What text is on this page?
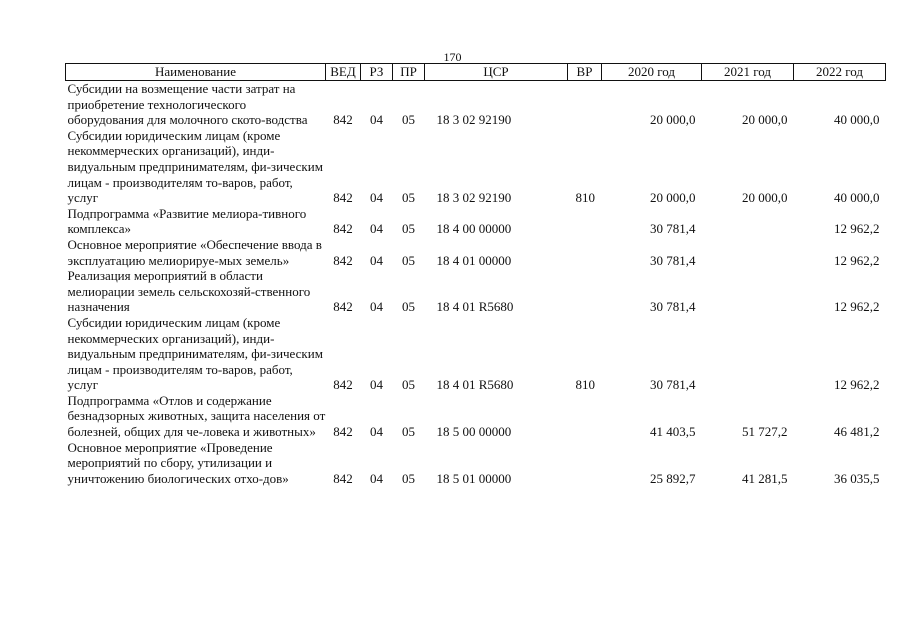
170
Наименование	ВЕД	РЗ	ПР	ЦСР	ВР	2020 год	2021 год	2022 год
Субсидии на возмещение части затрат на приобретение технологического оборудования для молочного ското-водства	842	04	05	18 3 02 92190		20 000,0	20 000,0	40 000,0
Субсидии юридическим лицам (кроме некоммерческих организаций), инди-видуальным предпринимателям, фи-зическим лицам - производителям то-варов, работ, услуг	842	04	05	18 3 02 92190	810	20 000,0	20 000,0	40 000,0
Подпрограмма «Развитие мелиора-тивного комплекса»	842	04	05	18 4 00 00000		30 781,4		12 962,2
Основное мероприятие «Обеспечение ввода в эксплуатацию мелиорируе-мых земель»	842	04	05	18 4 01 00000		30 781,4		12 962,2
Реализация мероприятий в области мелиорации земель сельскохозяй-ственного назначения	842	04	05	18 4 01 R5680		30 781,4		12 962,2
Субсидии юридическим лицам (кроме некоммерческих организаций), инди-видуальным предпринимателям, фи-зическим лицам - производителям то-варов, работ, услуг	842	04	05	18 4 01 R5680	810	30 781,4		12 962,2
Подпрограмма «Отлов и содержание безнадзорных животных, защита населения от болезней, общих для че-ловека и животных»	842	04	05	18 5 00 00000		41 403,5	51 727,2	46 481,2
Основное мероприятие «Проведение мероприятий по сбору, утилизации и уничтожению биологических отхо-дов»	842	04	05	18 5 01 00000		25 892,7	41 281,5	36 035,5
